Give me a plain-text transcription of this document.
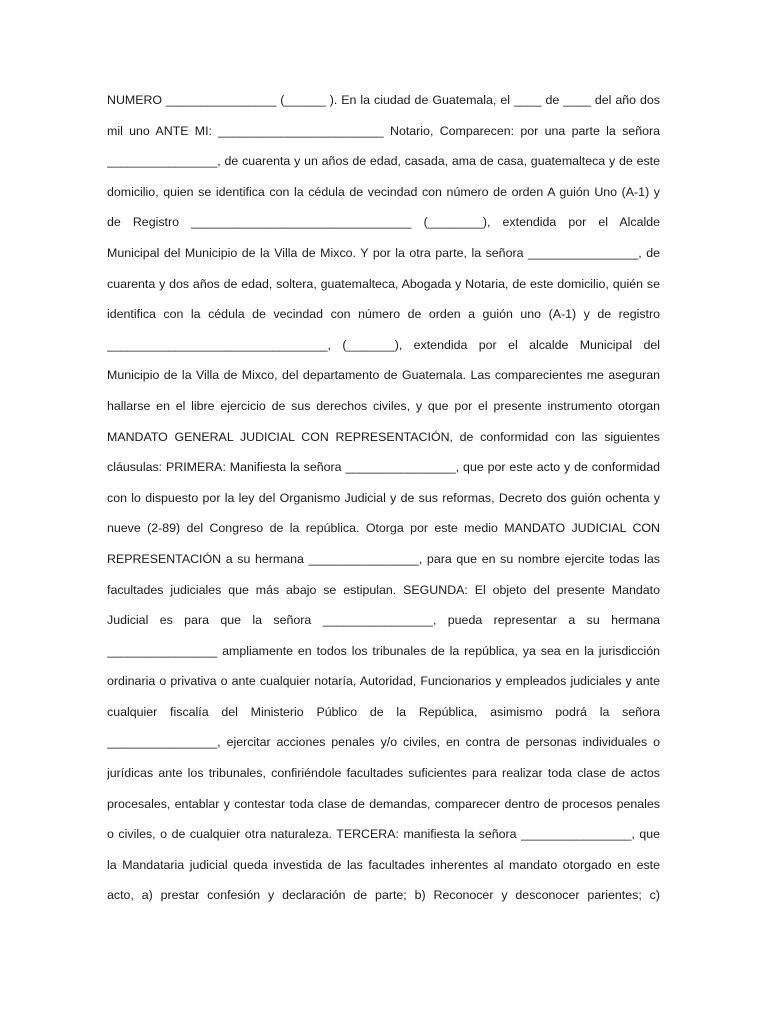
NUMERO ________________ (______ ). En la ciudad de Guatemala, el ____ de ____ del año dos
mil uno ANTE MI: ________________________ Notario, Comparecen: por una parte la señora
________________, de cuarenta y un años de edad, casada, ama de casa, guatemalteca y de este
domicilio, quien se identifica con la cédula de vecindad con número de orden A guión Uno (A-1) y
de Registro ________________________________ (________), extendida por el Alcalde
Municipal del Municipio de la Villa de Mixco. Y por la otra parte, la señora ________________, de
cuarenta y dos años de edad, soltera, guatemalteca, Abogada y Notaria, de este domicilio, quién se
identifica con la cédula de vecindad con número de orden a guión uno (A-1) y de registro
________________________________, (_______), extendida por el alcalde Municipal del
Municipio de la Villa de Mixco, del departamento de Guatemala. Las comparecientes me aseguran
hallarse en el libre ejercicio de sus derechos civiles, y que por el presente instrumento otorgan
MANDATO GENERAL JUDICIAL CON REPRESENTACIÓN, de conformidad con las siguientes
cláusulas: PRIMERA: Manifiesta la señora ________________, que por este acto y de conformidad
con lo dispuesto por la ley del Organismo Judicial y de sus reformas, Decreto dos guión ochenta y
nueve (2-89) del Congreso de la república. Otorga por este medio MANDATO JUDICIAL CON
REPRESENTACIÓN a su hermana ________________, para que en su nombre ejercite todas las
facultades judiciales que más abajo se estipulan. SEGUNDA: El objeto del presente Mandato
Judicial es para que la señora ________________, pueda representar a su hermana
________________ ampliamente en todos los tribunales de la república, ya sea en la jurisdicción
ordinaria o privativa o ante cualquier notaría, Autoridad, Funcionarios y empleados judiciales y ante
cualquier fiscalía del Ministerio Público de la República, asimismo podrá la señora
________________, ejercitar acciones penales y/o civiles, en contra de personas individuales o
jurídicas ante los tribunales, confiriéndole facultades suficientes para realizar toda clase de actos
procesales, entablar y contestar toda clase de demandas, comparecer dentro de procesos penales
o civiles, o de cualquier otra naturaleza. TERCERA: manifiesta la señora ________________, que
la Mandataria judicial queda investida de las facultades inherentes al mandato otorgado en este
acto, a) prestar confesión y declaración de parte; b) Reconocer y desconocer parientes; c)
